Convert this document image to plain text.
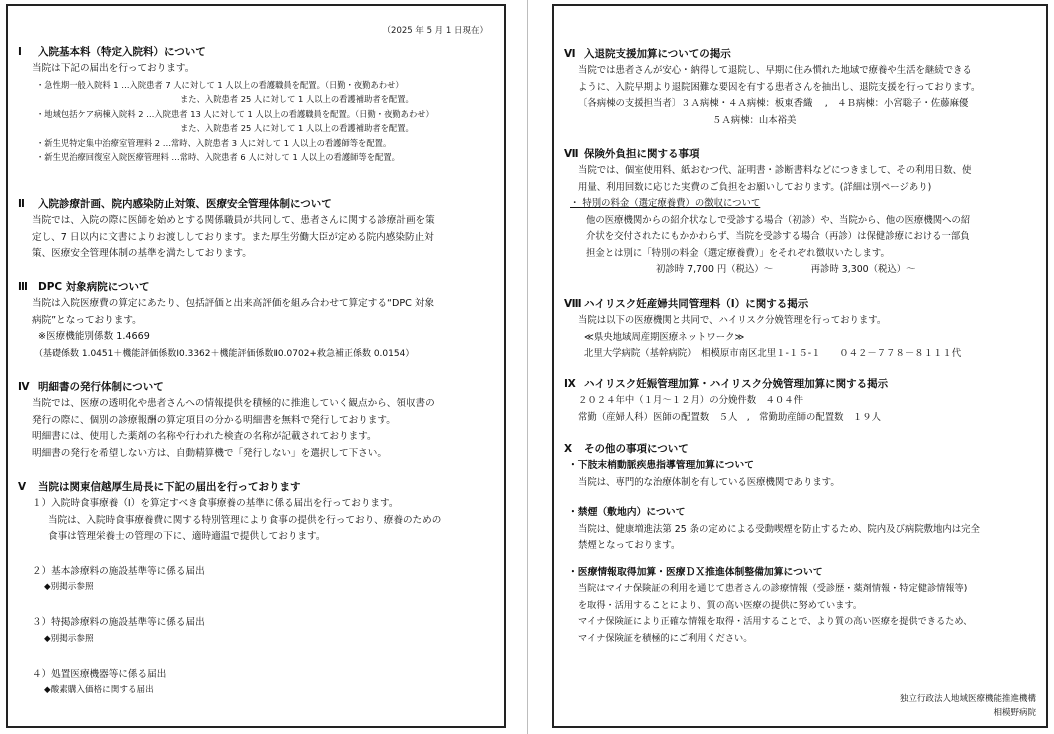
（2025 年 5 月 1 日現在）
Ⅰ 入院基本料（特定入院料）について
当院は下記の届出を行っております。
・急性期一般入院料 1 …入院患者 7 人に対して 1 人以上の看護職員を配置。（日勤・夜勤あわせ）
また、入院患者 25 人に対して 1 人以上の看護補助者を配置。
・地域包括ケア病棟入院料 2 …入院患者 13 人に対して 1 人以上の看護職員を配置。（日勤・夜勤あわせ）
また、入院患者 25 人に対して 1 人以上の看護補助者を配置。
・新生児特定集中治療室管理料 2 …常時、入院患者 3 人に対して 1 人以上の看護師等を配置。
・新生児治療回復室入院医療管理料 …常時、入院患者 6 人に対して 1 人以上の看護師等を配置。
Ⅱ 入院診療計画、院内感染防止対策、医療安全管理体制について
当院では、入院の際に医師を始めとする関係職員が共同して、患者さんに関する診療計画を策
定し、7 日以内に文書によりお渡ししております。また厚生労働大臣が定める院内感染防止対
策、医療安全管理体制の基準を満たしております。
Ⅲ DPC 対象病院について
当院は入院医療費の算定にあたり、包括評価と出来高評価を組み合わせて算定する“DPC 対象
病院”となっております。
※医療機能別係数 1.4669
（基礎係数 1.0451＋機能評価係数Ⅰ0.3362＋機能評価係数Ⅱ0.0702+救急補正係数 0.0154）
Ⅳ 明細書の発行体制について
当院では、医療の透明化や患者さんへの情報提供を積極的に推進していく観点から、領収書の
発行の際に、個別の診療報酬の算定項目の分かる明細書を無料で発行しております。
明細書には、使用した薬剤の名称や行われた検査の名称が記載されております。
明細書の発行を希望しない方は、自動精算機で「発行しない」を選択して下さい。
Ⅴ 当院は関東信越厚生局長に下記の届出を行っております
１）入院時食事療養（Ⅰ）を算定すべき食事療養の基準に係る届出を行っております。
当院は、入院時食事療養費に関する特別管理により食事の提供を行っており、療養のための
食事は管理栄養士の管理の下に、適時適温で提供しております。
２）基本診療料の施設基準等に係る届出
◆別掲示参照
３）特掲診療料の施設基準等に係る届出
◆別掲示参照
４）処置医療機器等に係る届出
◆酸素購入価格に関する届出
Ⅵ 入退院支援加算についての掲示
当院では患者さんが安心・納得して退院し、早期に住み慣れた地域で療養や生活を継続できる
ように、入院早期より退院困難な要因を有する患者さんを抽出し、退院支援を行っております。
〔各病棟の支援担当者〕３Ａ病棟・４Ａ病棟：板東香織 　,　４Ｂ病棟：小宮聡子・佐藤麻優
５Ａ病棟：山本裕美
Ⅶ 保険外負担に関する事項
当院では、個室使用料、紙おむつ代、証明書・診断書料などにつきまして、その利用日数、使
用量、利用回数に応じた実費のご負担をお願いしております。(詳細は別ページあり)
・ 特別の料金（選定療養費）の徴収について
他の医療機関からの紹介状なしで受診する場合（初診）や、当院から、他の医療機関への紹
介状を交付されたにもかかわらず、当院を受診する場合（再診）は保健診療における一部負
担金とは別に「特別の料金（選定療養費）」をそれぞれ徴収いたします。
初診時 7,700 円（税込）～　　　　再診時 3,300（税込）～
Ⅷ ハイリスク妊産婦共同管理料（Ⅰ）に関する掲示
当院は以下の医療機関と共同で、ハイリスク分娩管理を行っております。
≪県央地域周産期医療ネットワーク≫
北里大学病院（基幹病院）　相模原市南区北里１-１５-１　　０４２－７７８－８１１１代
Ⅸ ハイリスク妊娠管理加算・ハイリスク分娩管理加算に関する掲示
２０２４年中（１月～１２月）の分娩件数　４０４件
常勤（産婦人科）医師の配置数　５人　,　常勤助産師の配置数　１９人
Ⅹ その他の事項について
・下肢末梢動脈疾患指導管理加算について
当院は、専門的な治療体制を有している医療機関であります。
・禁煙（敷地内）について
当院は、健康増進法第 25 条の定めによる受動喫煙を防止するため、院内及び病院敷地内は完全
禁煙となっております。
・医療情報取得加算・医療ＤＸ推進体制整備加算について
当院はマイナ保険証の利用を通じて患者さんの診療情報（受診歴・薬剤情報・特定健診情報等)
を取得・活用することにより、質の高い医療の提供に努めています。
マイナ保険証により正確な情報を取得・活用することで、より質の高い医療を提供できるため、
マイナ保険証を積極的にご利用ください。
独立行政法人地域医療機能推進機構
相模野病院
